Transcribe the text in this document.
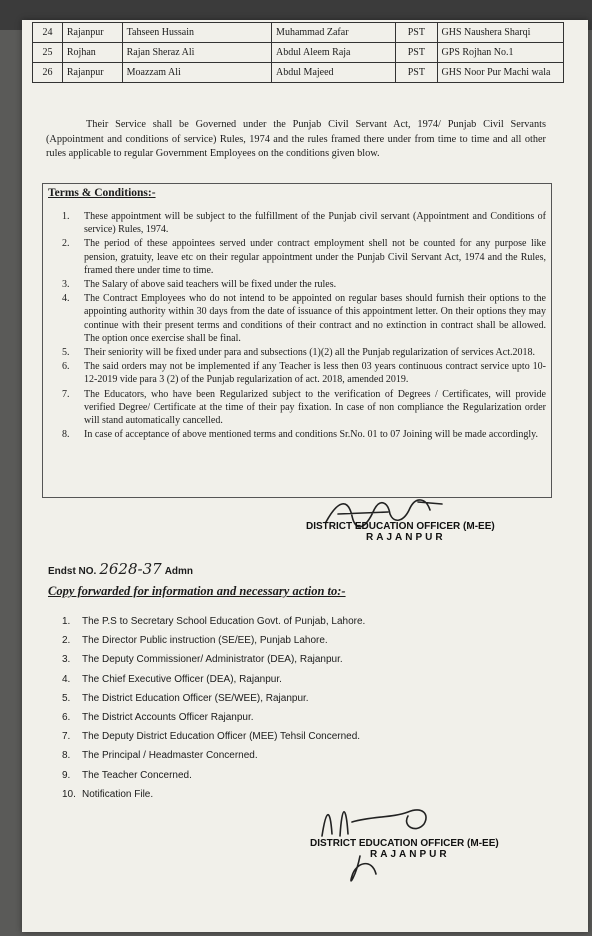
24	Rajanpur	Tahseen Hussain	Muhammad Zafar	PST	GHS Naushera Sharqi
25	Rojhan	Rajan Sheraz Ali	Abdul Aleem Raja	PST	GPS Rojhan No.1
26	Rajanpur	Moazzam Ali	Abdul Majeed	PST	GHS Noor Pur Machi wala

Their Service shall be Governed under the Punjab Civil Servant Act, 1974/ Punjab Civil Servants (Appointment and conditions of service) Rules, 1974 and the rules framed there under from time to time and all other rules applicable to regular Government Employees on the conditions given blow.

Terms & Conditions:-
1. These appointment will be subject to the fulfillment of the Punjab civil servant (Appointment and Conditions of service) Rules, 1974.
2. The period of these appointees served under contract employment shell not be counted for any purpose like pension, gratuity, leave etc on their regular appointment under the Punjab Civil Servant Act, 1974 and the Rules, framed there under time to time.
3. The Salary of above said teachers will be fixed under the rules.
4. The Contract Employees who do not intend to be appointed on regular bases should furnish their options to the appointing authority within 30 days from the date of issuance of this appointment letter. On their options they may continue with their present terms and conditions of their contract and no extinction in contract shall be allowed. The option once exercise shall be final.
5. Their seniority will be fixed under para and subsections (1)(2) all the Punjab regularization of services Act.2018.
6. The said orders may not be implemented if any Teacher is less then 03 years continuous contract service upto 10-12-2019 vide para 3 (2) of the Punjab regularization of act. 2018, amended 2019.
7. The Educators, who have been Regularized subject to the verification of Degrees / Certificates, will provide verified Degree/ Certificate at the time of their pay fixation. In case of non compliance the Regularization order will stand automatically cancelled.
8. In case of acceptance of above mentioned terms and conditions Sr.No. 01 to 07 Joining will be made accordingly.
DISTRICT EDUCATION OFFICER (M-EE)
RAJANPUR
Endst NO. 2628-37 Admn
Copy forwarded for information and necessary action to:-
1. The P.S to Secretary School Education Govt. of Punjab, Lahore.
2. The Director Public instruction (SE/EE), Punjab Lahore.
3. The Deputy Commissioner/ Administrator (DEA), Rajanpur.
4. The Chief Executive Officer (DEA), Rajanpur.
5. The District Education Officer (SE/WEE), Rajanpur.
6. The District Accounts Officer Rajanpur.
7. The Deputy District Education Officer (MEE) Tehsil Concerned.
8. The Principal / Headmaster Concerned.
9. The Teacher Concerned.
10. Notification File.
DISTRICT EDUCATION OFFICER (M-EE)
RAJANPUR
